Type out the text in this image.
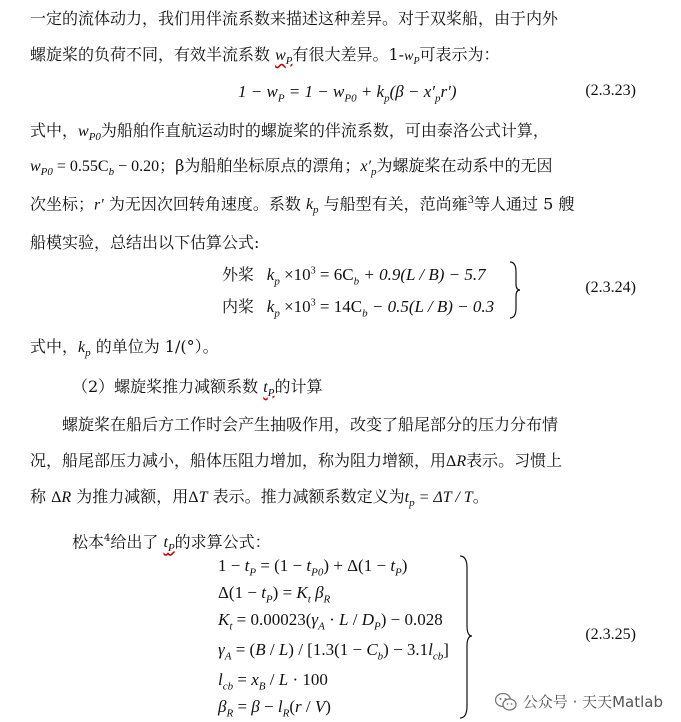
一定的流体动力，我们用伴流系数来描述这种差异。对于双桨船，由于内外
螺旋桨的负荷不同，有效半流系数 $w_P$有很大差异。$1-w_P$可表示为：
$1 - w_P = 1 - w_{P0} + k_p(\beta - x'_pr')$	(2.3.23)
式中，$w_{P0}$为船舶作直航运动时的螺旋桨的伴流系数，可由泰洛公式计算，
$w_{P0} = 0.55C_b - 0.20$；β为船舶坐标原点的漂角；$x'_p$为螺旋桨在动系中的无因
次坐标；r′ 为无因次回转角速度。系数 $k_p$ 与船型有关，范尚雍$^3$等人通过 5 艘
船模实验，总结出以下估算公式:
外桨   $k_p \times 10^3 = 6C_b + 0.9(L / B) - 5.7$
内桨   $k_p \times 10^3 = 14C_b - 0.5(L / B) - 0.3$
(2.3.24)
式中，$k_p$ 的单位为 1/(°）。
（2）螺旋桨推力减额系数 $t_P$的计算
螺旋桨在船后方工作时会产生抽吸作用，改变了船尾部分的压力分布情
况，船尾部压力减小，船体压阻力增加，称为阻力增额，用ΔR表示。习惯上
称 ΔR 为推力减额，用ΔT 表示。推力减额系数定义为$t_p = \Delta T / T$。
松本$^4$给出了 $t_P$的求算公式：
$1 - t_P = (1 - t_{P0}) + \Delta(1 - t_P)$
$\Delta(1 - t_P) = K_t$ $\beta_R$
$K_t = 0.00023(\gamma_A \cdot L / D_P) - 0.028$
$\gamma_A = (B / L) / [1.3(1 - C_b) - 3.1l_{cb}]$
$l_{cb} = x_B / L \cdot 100$
$\beta_R = \beta - l_R(r / V)$
(2.3.25)
公众号 · 天天Matlab
